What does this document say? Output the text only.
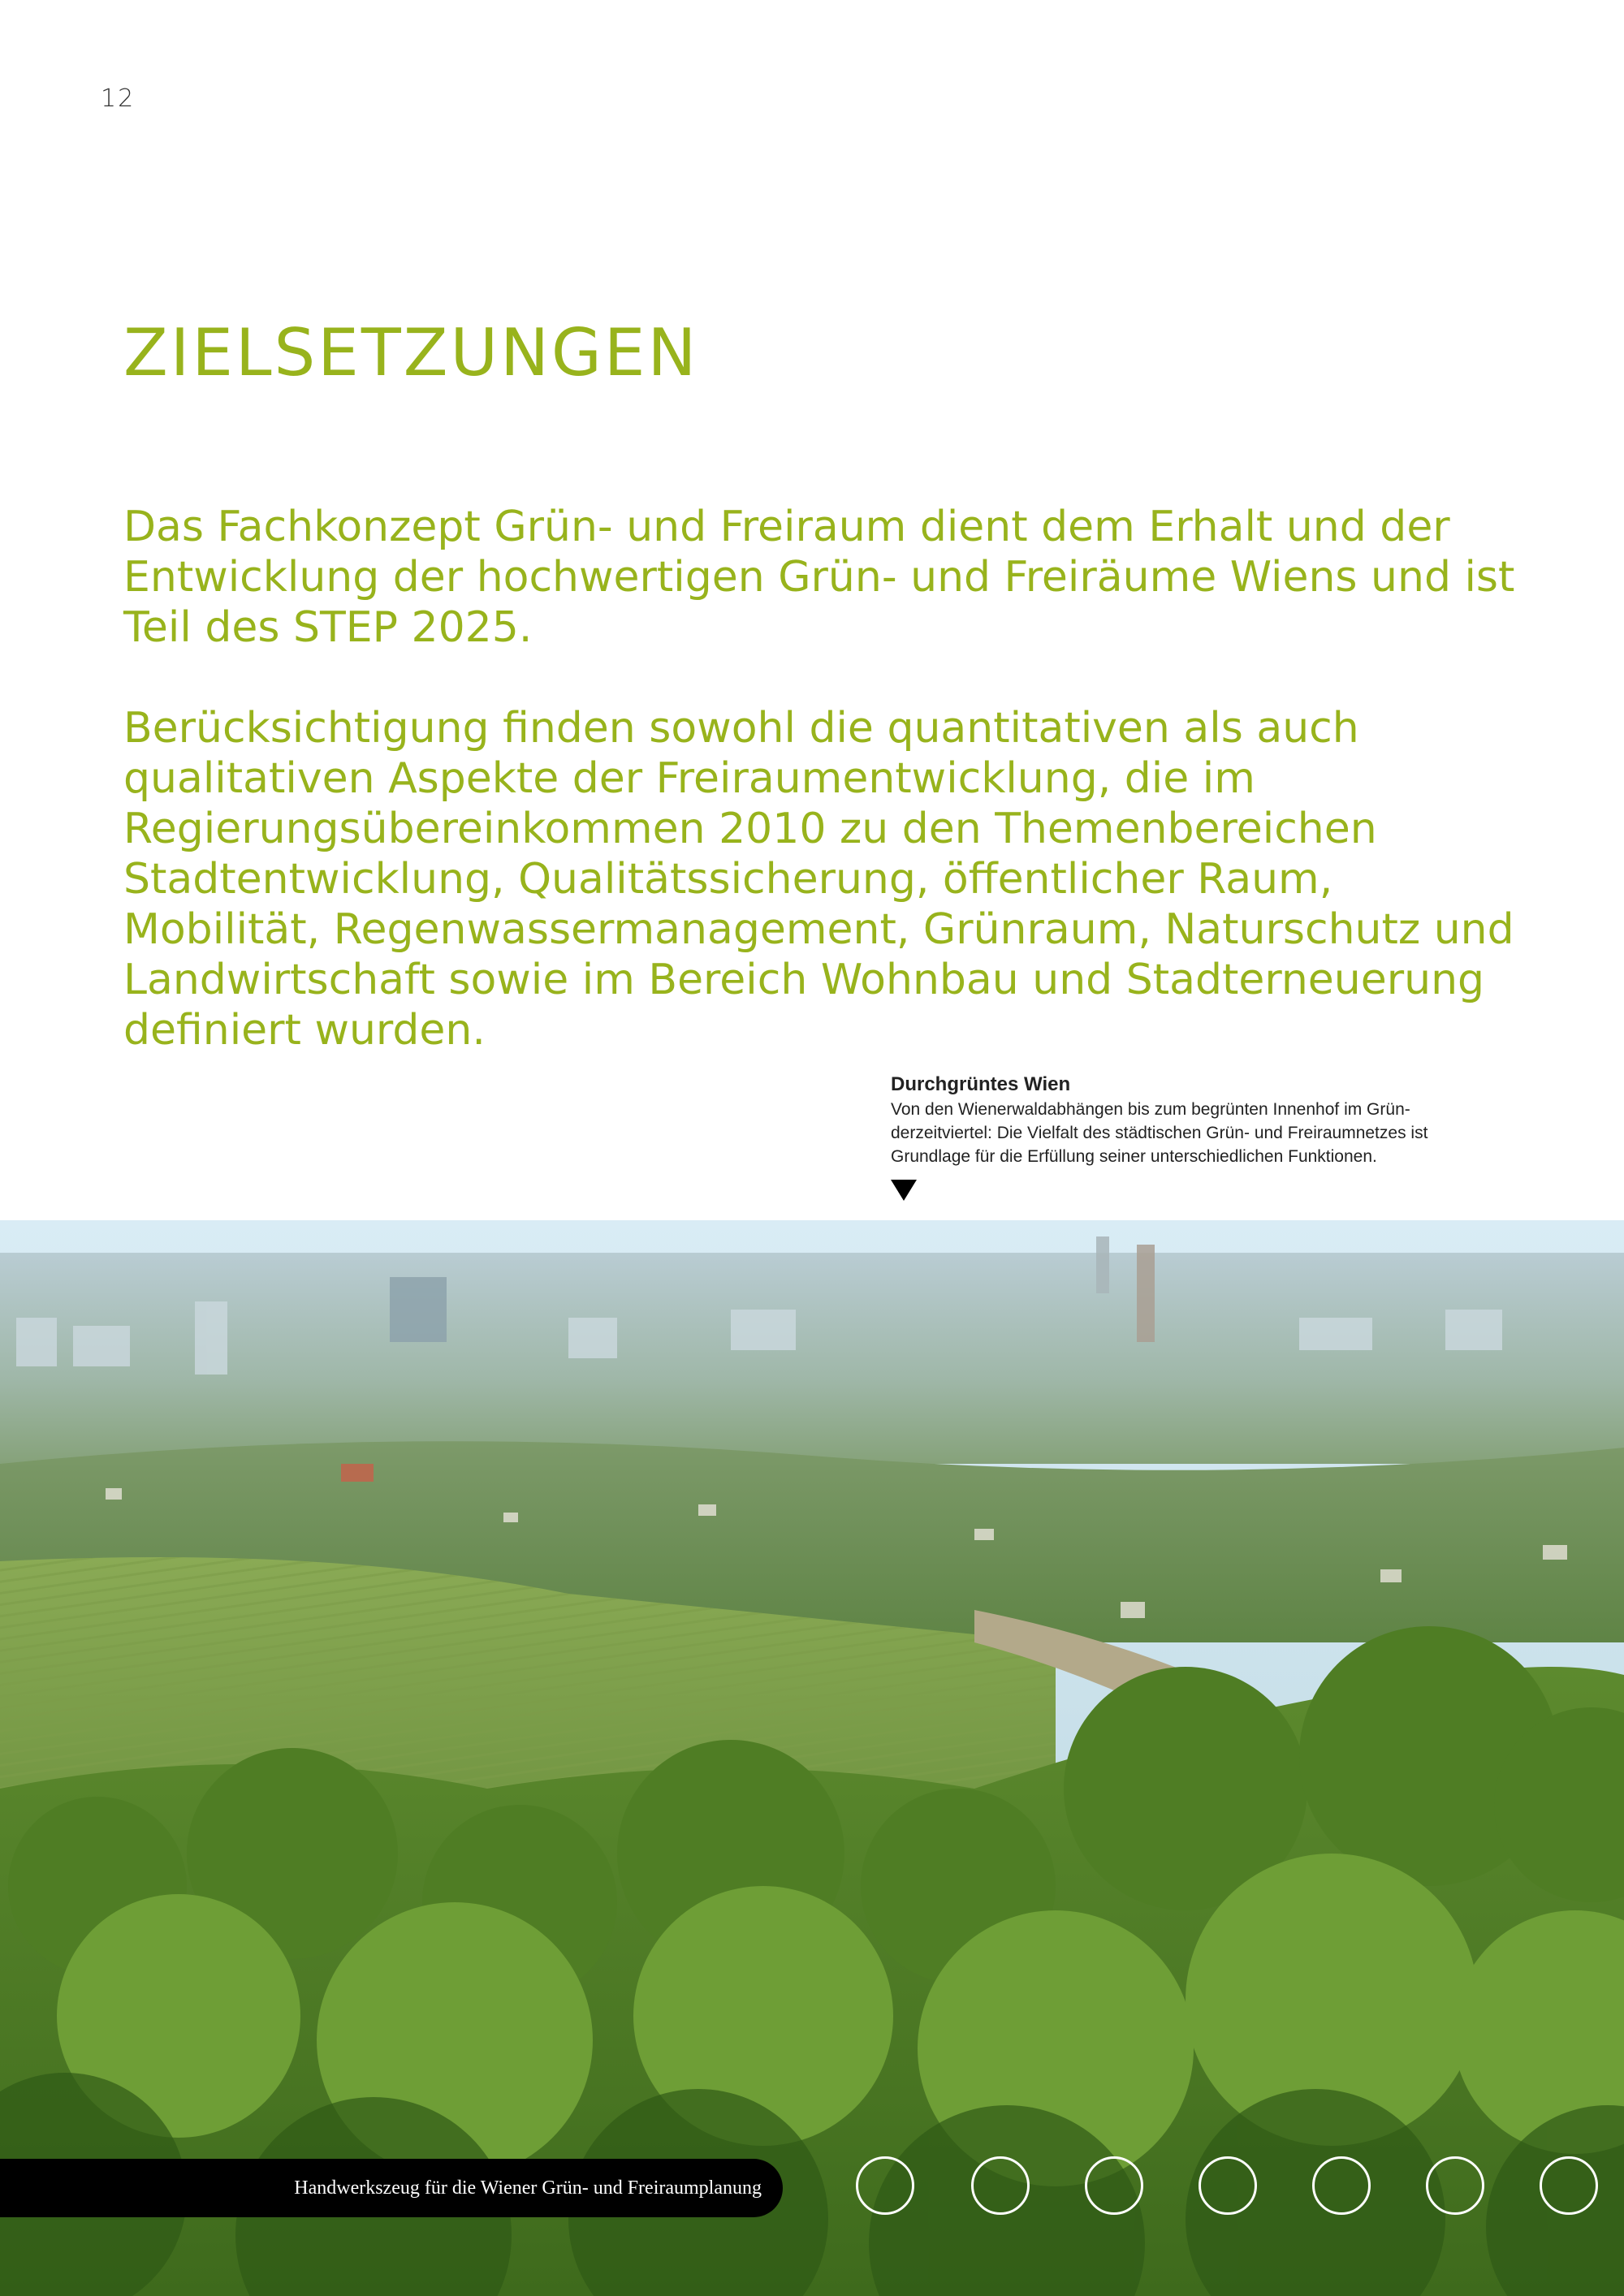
12
ZIELSETZUNGEN

Das Fachkonzept Grün- und Freiraum dient dem Erhalt und der Entwicklung der hochwertigen Grün- und Freiräume Wiens und ist Teil des STEP 2025.

Berücksichtigung finden sowohl die quantitativen als auch qualitativen Aspekte der Freiraumentwicklung, die im Regierungsübereinkommen 2010 zu den Themenbereichen Stadtentwicklung, Qualitätssicherung, öffentlicher Raum, Mobilität, Regenwassermanagement, Grünraum, Naturschutz und Landwirtschaft sowie im Bereich Wohnbau und Stadterneuerung definiert wurden.

Durchgrüntes Wien
Von den Wienerwaldabhängen bis zum begrünten Innenhof im Gründerzeitviertel: Die Vielfalt des städtischen Grün- und Freiraumnetzes ist Grundlage für die Erfüllung seiner unterschiedlichen Funktionen.
Handwerkszeug für die Wiener Grün- und Freiraumplanung
